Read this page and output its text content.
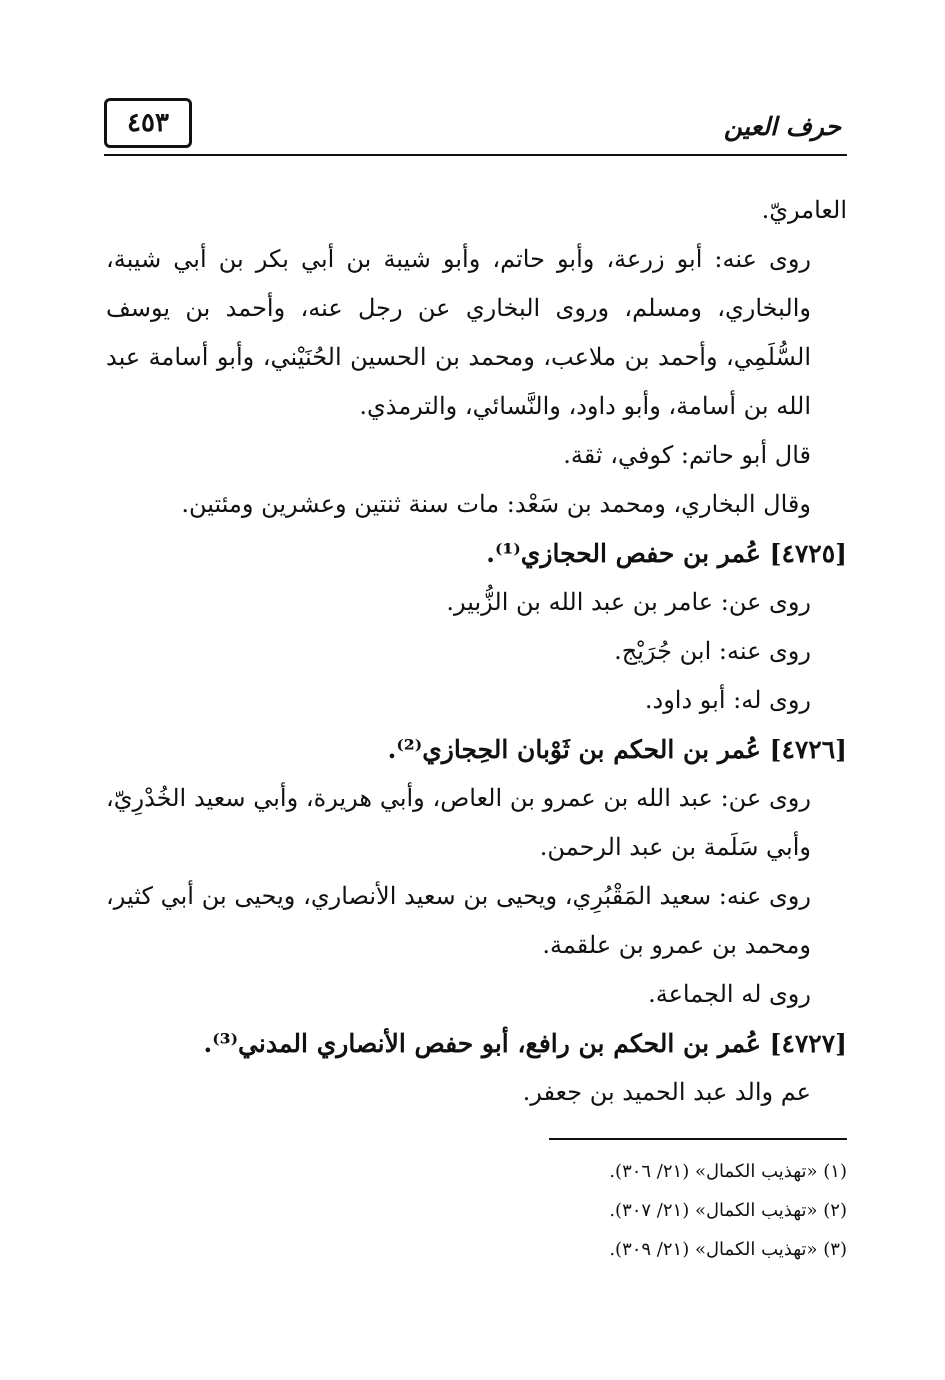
٤٥٣	حرف العين

العامريّ.

روى عنه: أبو زرعة، وأبو حاتم، وأبو شيبة بن أبي بكر بن أبي شيبة، والبخاري، ومسلم، وروى البخاري عن رجل عنه، وأحمد بن يوسف السُّلَمِي، وأحمد بن ملاعب، ومحمد بن الحسين الحُنَيْني، وأبو أسامة عبد الله بن أسامة، وأبو داود، والنَّسائي، والترمذي.

قال أبو حاتم: كوفي، ثقة.

وقال البخاري، ومحمد بن سَعْد: مات سنة ثنتين وعشرين ومئتين.

[٤٧٢٥] عُمر بن حفص الحجازي⁽¹⁾.

روى عن: عامر بن عبد الله بن الزُّبير.

روى عنه: ابن جُرَيْج.

روى له: أبو داود.

[٤٧٢٦] عُمر بن الحكم بن ثَوْبان الحِجازي⁽²⁾.

روى عن: عبد الله بن عمرو بن العاص، وأبي هريرة، وأبي سعيد الخُدْرِيّ، وأبي سَلَمة بن عبد الرحمن.

روى عنه: سعيد المَقْبُرِي، ويحيى بن سعيد الأنصاري، ويحيى بن أبي كثير، ومحمد بن عمرو بن علقمة.

روى له الجماعة.

[٤٧٢٧] عُمر بن الحكم بن رافع، أبو حفص الأنصاري المدني⁽³⁾.

عم والد عبد الحميد بن جعفر.

(١) «تهذيب الكمال» (٢١/ ٣٠٦).

(٢) «تهذيب الكمال» (٢١/ ٣٠٧).

(٣) «تهذيب الكمال» (٢١/ ٣٠٩).
